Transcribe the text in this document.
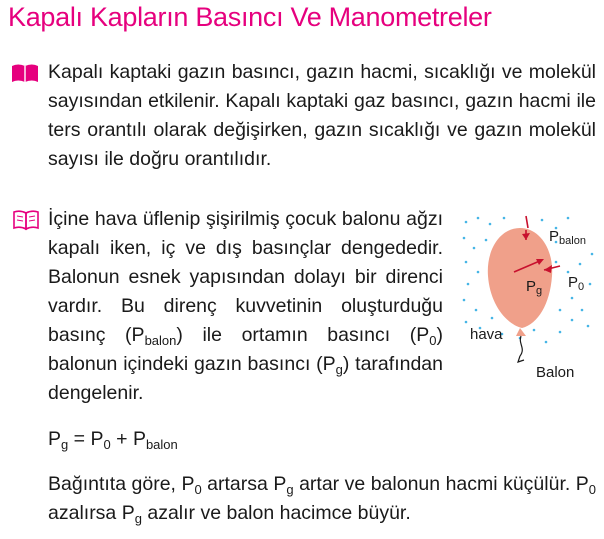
Kapalı Kapların Basıncı Ve Manometreler
Kapalı kaptaki gazın basıncı, gazın hacmi, sıcaklığı ve molekül sayısından etkilenir. Kapalı kaptaki gaz basıncı, gazın hacmi ile ters orantılı olarak değişirken, gazın sıcaklığı ve gazın molekül sayısı ile doğru orantılıdır.
İçine hava üflenip şişirilmiş çocuk balonu ağzı kapalı iken, iç ve dış basınçlar dengededir. Balonun esnek yapısından dolayı bir direnci vardır. Bu direnç kuvvetinin oluşturduğu basınç $(P_{balon})$ ile ortamın basıncı $(P_0)$ balonun içindeki gazın basıncı $(P_g)$ tarafından dengelenir.
$P_{balon}$
$P_0$
$P_g$
hava
Balon
$P_g = P_0 + P_{balon}$
Bağıntıta göre, $P_0$ artarsa $P_g$ artar ve balonun hacmi küçülür. $P_0$ azalırsa $P_g$ azalır ve balon hacimce büyür.
